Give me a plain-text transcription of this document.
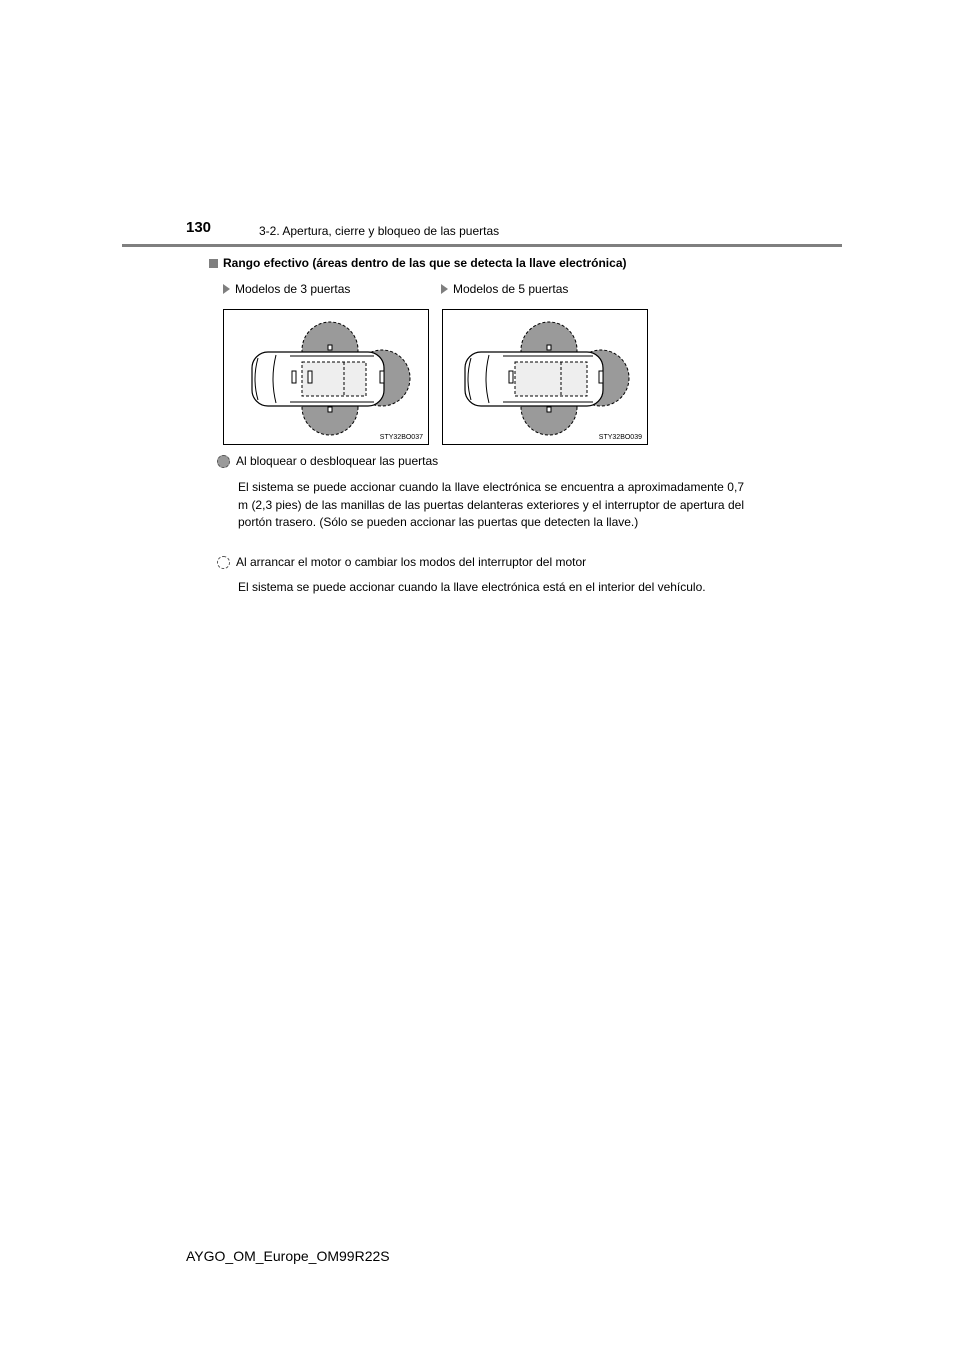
130	3-2. Apertura, cierre y bloqueo de las puertas
Rango efectivo (áreas dentro de las que se detecta la llave electrónica)
Modelos de 3 puertas	Modelos de 5 puertas
STY32BO037	STY32BO039
Al bloquear o desbloquear las puertas
El sistema se puede accionar cuando la llave electrónica se encuentra a aproximadamente 0,7 m (2,3 pies) de las manillas de las puertas delanteras exteriores y el interruptor de apertura del portón trasero. (Sólo se pueden accionar las puertas que detecten la llave.)
Al arrancar el motor o cambiar los modos del interruptor del motor
El sistema se puede accionar cuando la llave electrónica está en el interior del vehículo.
AYGO_OM_Europe_OM99R22S
